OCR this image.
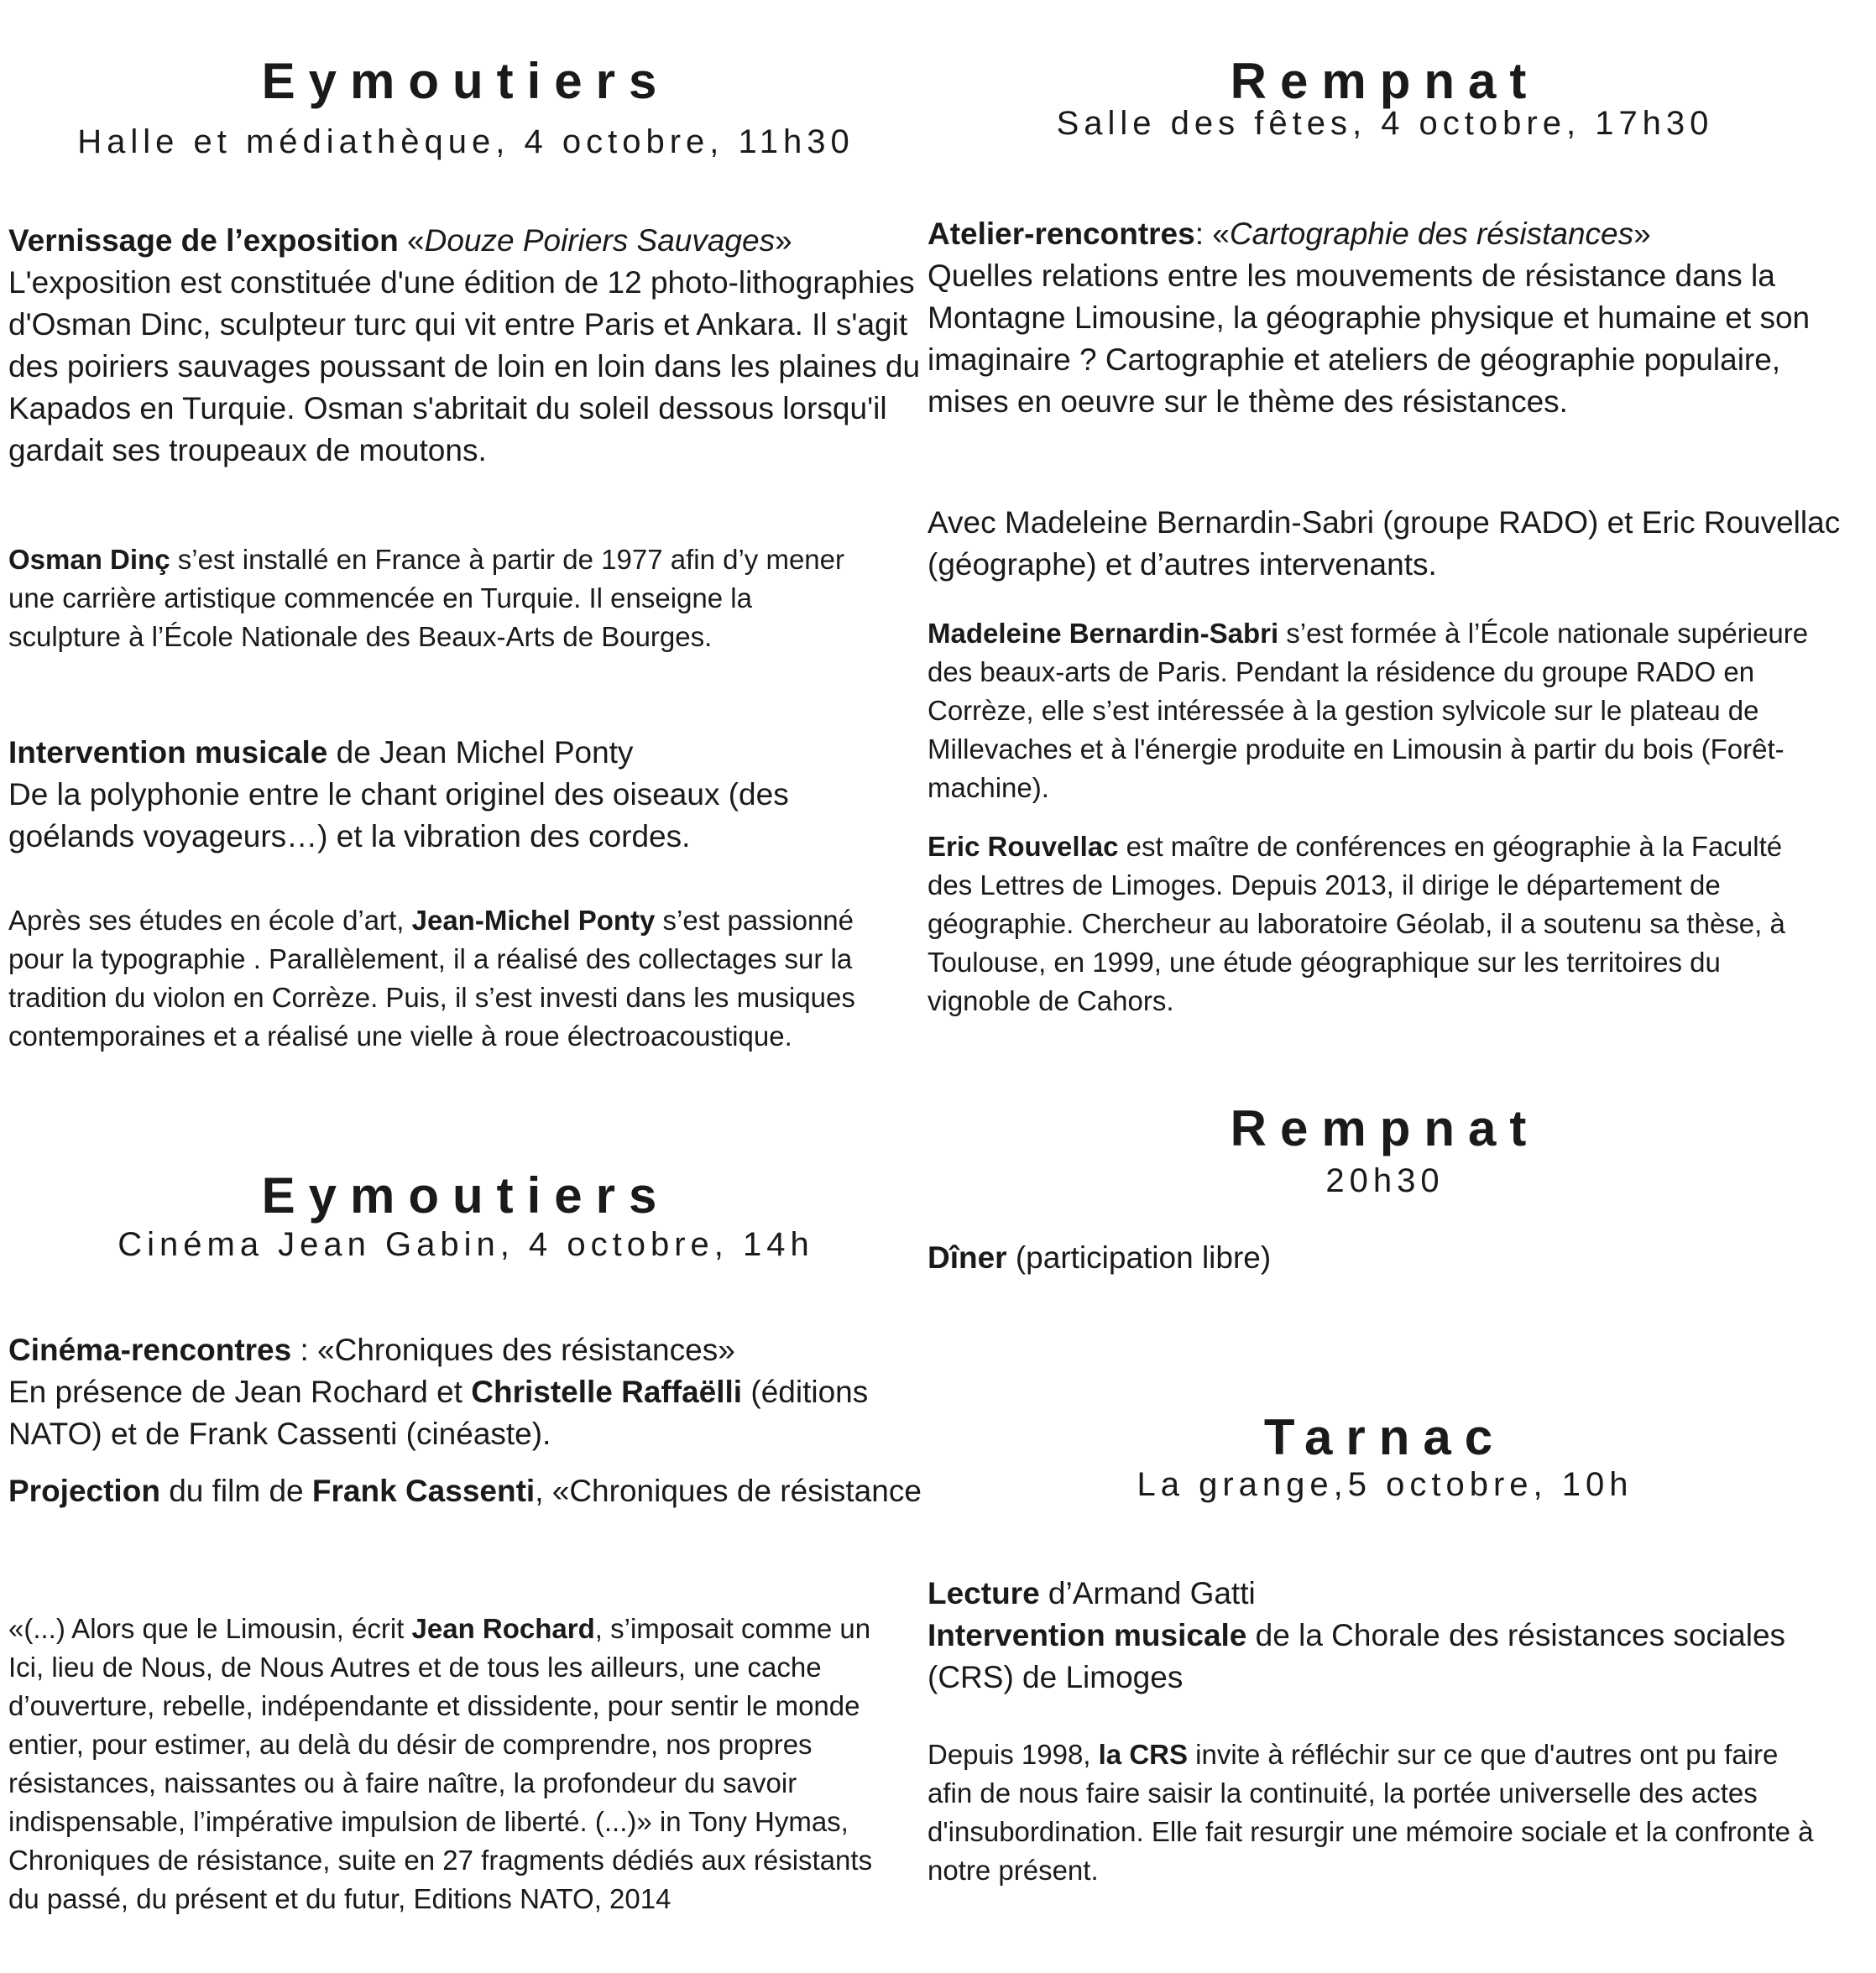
Eymoutiers

Halle et médiathèque, 4 octobre, 11h30

Vernissage de l’exposition «Douze Poiriers Sauvages»
L'exposition est constituée d'une édition de 12 photo-lithographies d'Osman Dinc, sculpteur turc qui vit entre Paris et Ankara. Il s'agit des poiriers sauvages poussant de loin en loin dans les plaines du Kapados en Turquie. Osman s'abritait du soleil dessous lorsqu'il gardait ses troupeaux de moutons.

Osman Dinç s’est installé en France à partir de 1977 afin d’y mener une carrière artistique commencée en Turquie. Il enseigne la sculpture à l’École Nationale des Beaux-Arts de Bourges.

Intervention musicale de Jean Michel Ponty
De la polyphonie entre le chant originel des oiseaux (des goélands voyageurs…) et la vibration des cordes.

Après ses études en école d’art, Jean-Michel Ponty s’est passionné pour la typographie . Parallèlement, il a réalisé des collectages sur la tradition du violon en Corrèze. Puis, il s’est investi dans les musiques contemporaines et a réalisé une vielle à roue électroacoustique.

Eymoutiers

Cinéma Jean Gabin, 4 octobre, 14h

Cinéma-rencontres : «Chroniques des résistances»
En présence de Jean Rochard et Christelle Raffaëlli (éditions NATO) et de Frank Cassenti (cinéaste).

Projection du film de Frank Cassenti, «Chroniques de résistance

«(...) Alors que le Limousin, écrit Jean Rochard, s’imposait comme un Ici, lieu de Nous, de Nous Autres et de tous les ailleurs, une cache d’ouverture, rebelle, indépendante et dissidente, pour sentir le monde entier, pour estimer, au delà du désir de comprendre, nos propres résistances, naissantes ou à faire naître, la profondeur du savoir indispensable, l’impérative impulsion de liberté. (...)» in Tony Hymas, Chroniques de résistance, suite en 27 fragments dédiés aux résistants du passé, du présent et du futur, Editions NATO, 2014

Rempnat

Salle des fêtes, 4 octobre, 17h30

Atelier-rencontres: «Cartographie des résistances»
Quelles relations entre les mouvements de résistance dans la Montagne Limousine, la géographie physique et humaine et son imaginaire ? Cartographie et ateliers de géographie populaire, mises en oeuvre sur le thème des résistances.

Avec Madeleine Bernardin-Sabri (groupe RADO) et Eric Rouvellac (géographe) et d’autres intervenants.

Madeleine Bernardin-Sabri s’est formée à l’École nationale supérieure des beaux-arts de Paris. Pendant la résidence du groupe RADO en Corrèze, elle s’est intéressée à la gestion sylvicole sur le plateau de Millevaches et à l'énergie produite en Limousin à partir du bois (Forêt-machine).

Eric Rouvellac est maître de conférences en géographie à la Faculté des Lettres de Limoges. Depuis 2013, il dirige le département de géographie. Chercheur au laboratoire Géolab, il a soutenu sa thèse, à Toulouse, en 1999, une étude géographique sur les territoires du vignoble de Cahors.

Rempnat

20h30

Dîner (participation libre)

Tarnac

La grange,5 octobre, 10h

Lecture d’Armand Gatti
Intervention musicale de la Chorale des résistances sociales (CRS) de Limoges

Depuis 1998, la CRS invite à réfléchir sur ce que d'autres ont pu faire afin de nous faire saisir la continuité, la portée universelle des actes d'insubordination. Elle fait resurgir une mémoire sociale et la confronte à notre présent.
